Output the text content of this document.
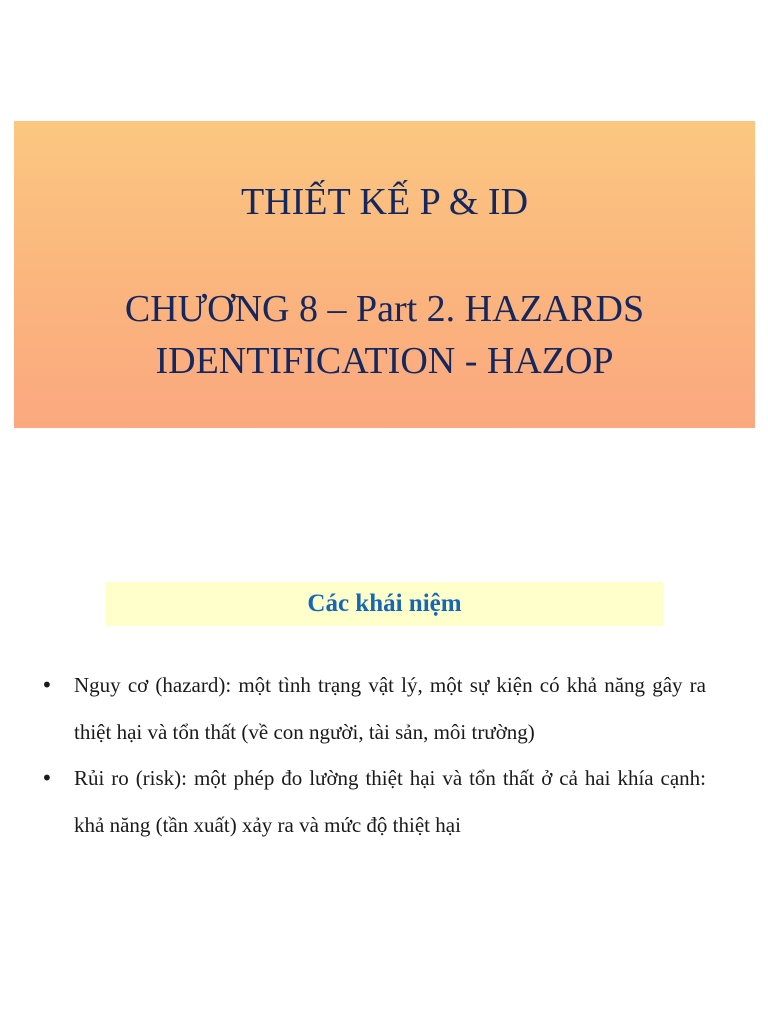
THIẾT KẾ P & ID
CHƯƠNG 8 – Part 2. HAZARDS IDENTIFICATION - HAZOP
Các khái niệm
• Nguy cơ (hazard): một tình trạng vật lý, một sự kiện có khả năng gây ra thiệt hại và tổn thất (về con người, tài sản, môi trường)
• Rủi ro (risk): một phép đo lường thiệt hại và tổn thất ở cả hai khía cạnh: khả năng (tần xuất) xảy ra và mức độ thiệt hại
